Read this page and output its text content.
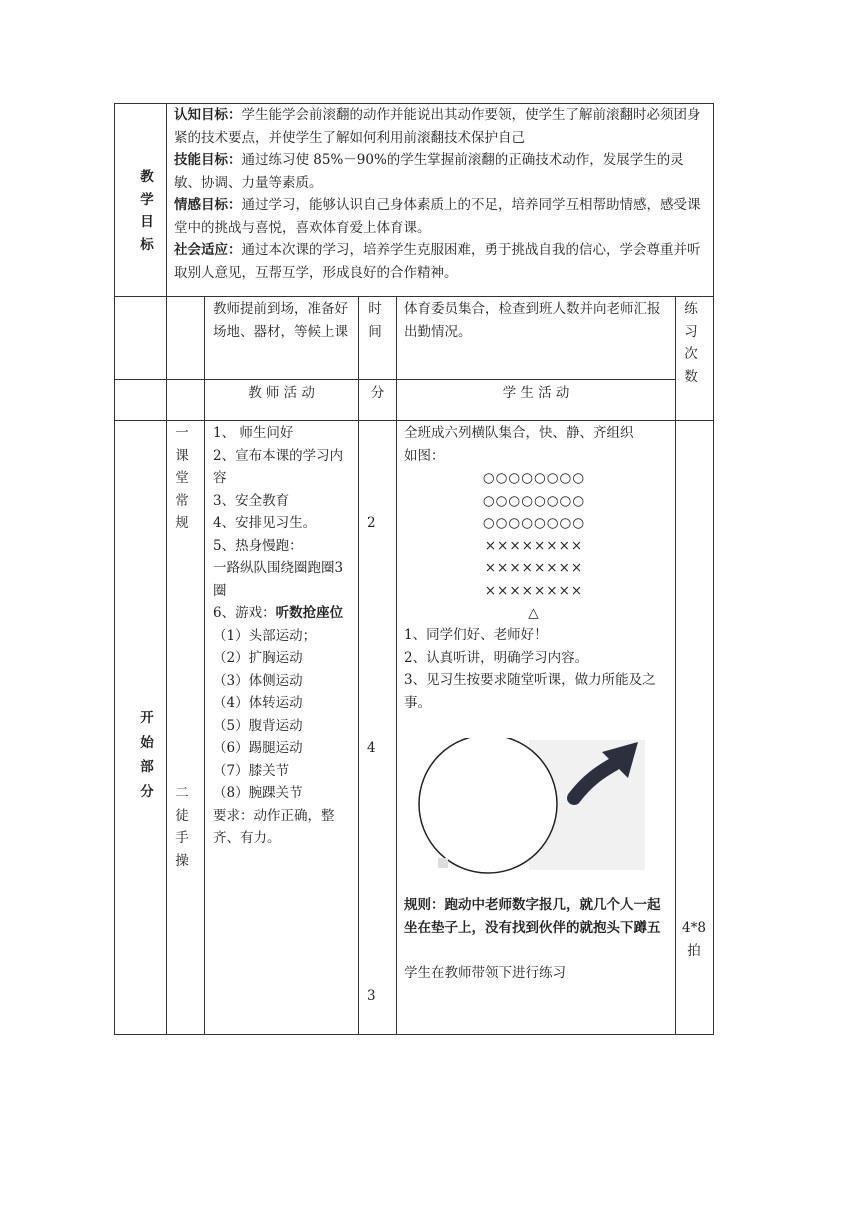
教学目标
认知目标：学生能学会前滚翻的动作并能说出其动作要领，使学生了解前滚翻时必须团身紧的技术要点，并使学生了解如何利用前滚翻技术保护自己
技能目标：通过练习使 85%－90%的学生掌握前滚翻的正确技术动作，发展学生的灵敏、协调、力量等素质。
情感目标：通过学习，能够认识自己身体素质上的不足，培养同学互相帮助情感，感受课堂中的挑战与喜悦，喜欢体育爱上体育课。
社会适应：通过本次课的学习，培养学生克服困难，勇于挑战自我的信心，学会尊重并听取别人意见，互帮互学，形成良好的合作精神。
教师提前到场，准备好场地、器材，等候上课
时间
体育委员集合，检查到班人数并向老师汇报出勤情况。
练习次数
教 师 活 动	分	学 生 活 动
开始部分
一课堂常规
二徒手操
1、 师生问好
2、宣布本课的学习内容
3、安全教育
4、安排见习生。
5、热身慢跑：
一路纵队围绕圈跑圈3圈
6、游戏：听数抢座位
（1）头部运动；
（2）扩胸运动
（3）体侧运动
（4）体转运动
（5）腹背运动
（6）踢腿运动
（7）膝关节
（8）腕踝关节
要求：动作正确，整齐、有力。
2
4
3
全班成六列横队集合，快、静、齐组织如图：
○○○○○○○○
○○○○○○○○
○○○○○○○○
××××××××
××××××××
××××××××
△
1、同学们好、老师好！
2、认真听讲，明确学习内容。
3、见习生按要求随堂听课，做力所能及之事。
规则：跑动中老师数字报几，就几个人一起坐在垫子上，没有找到伙伴的就抱头下蹲五
学生在教师带领下进行练习
4*8拍
